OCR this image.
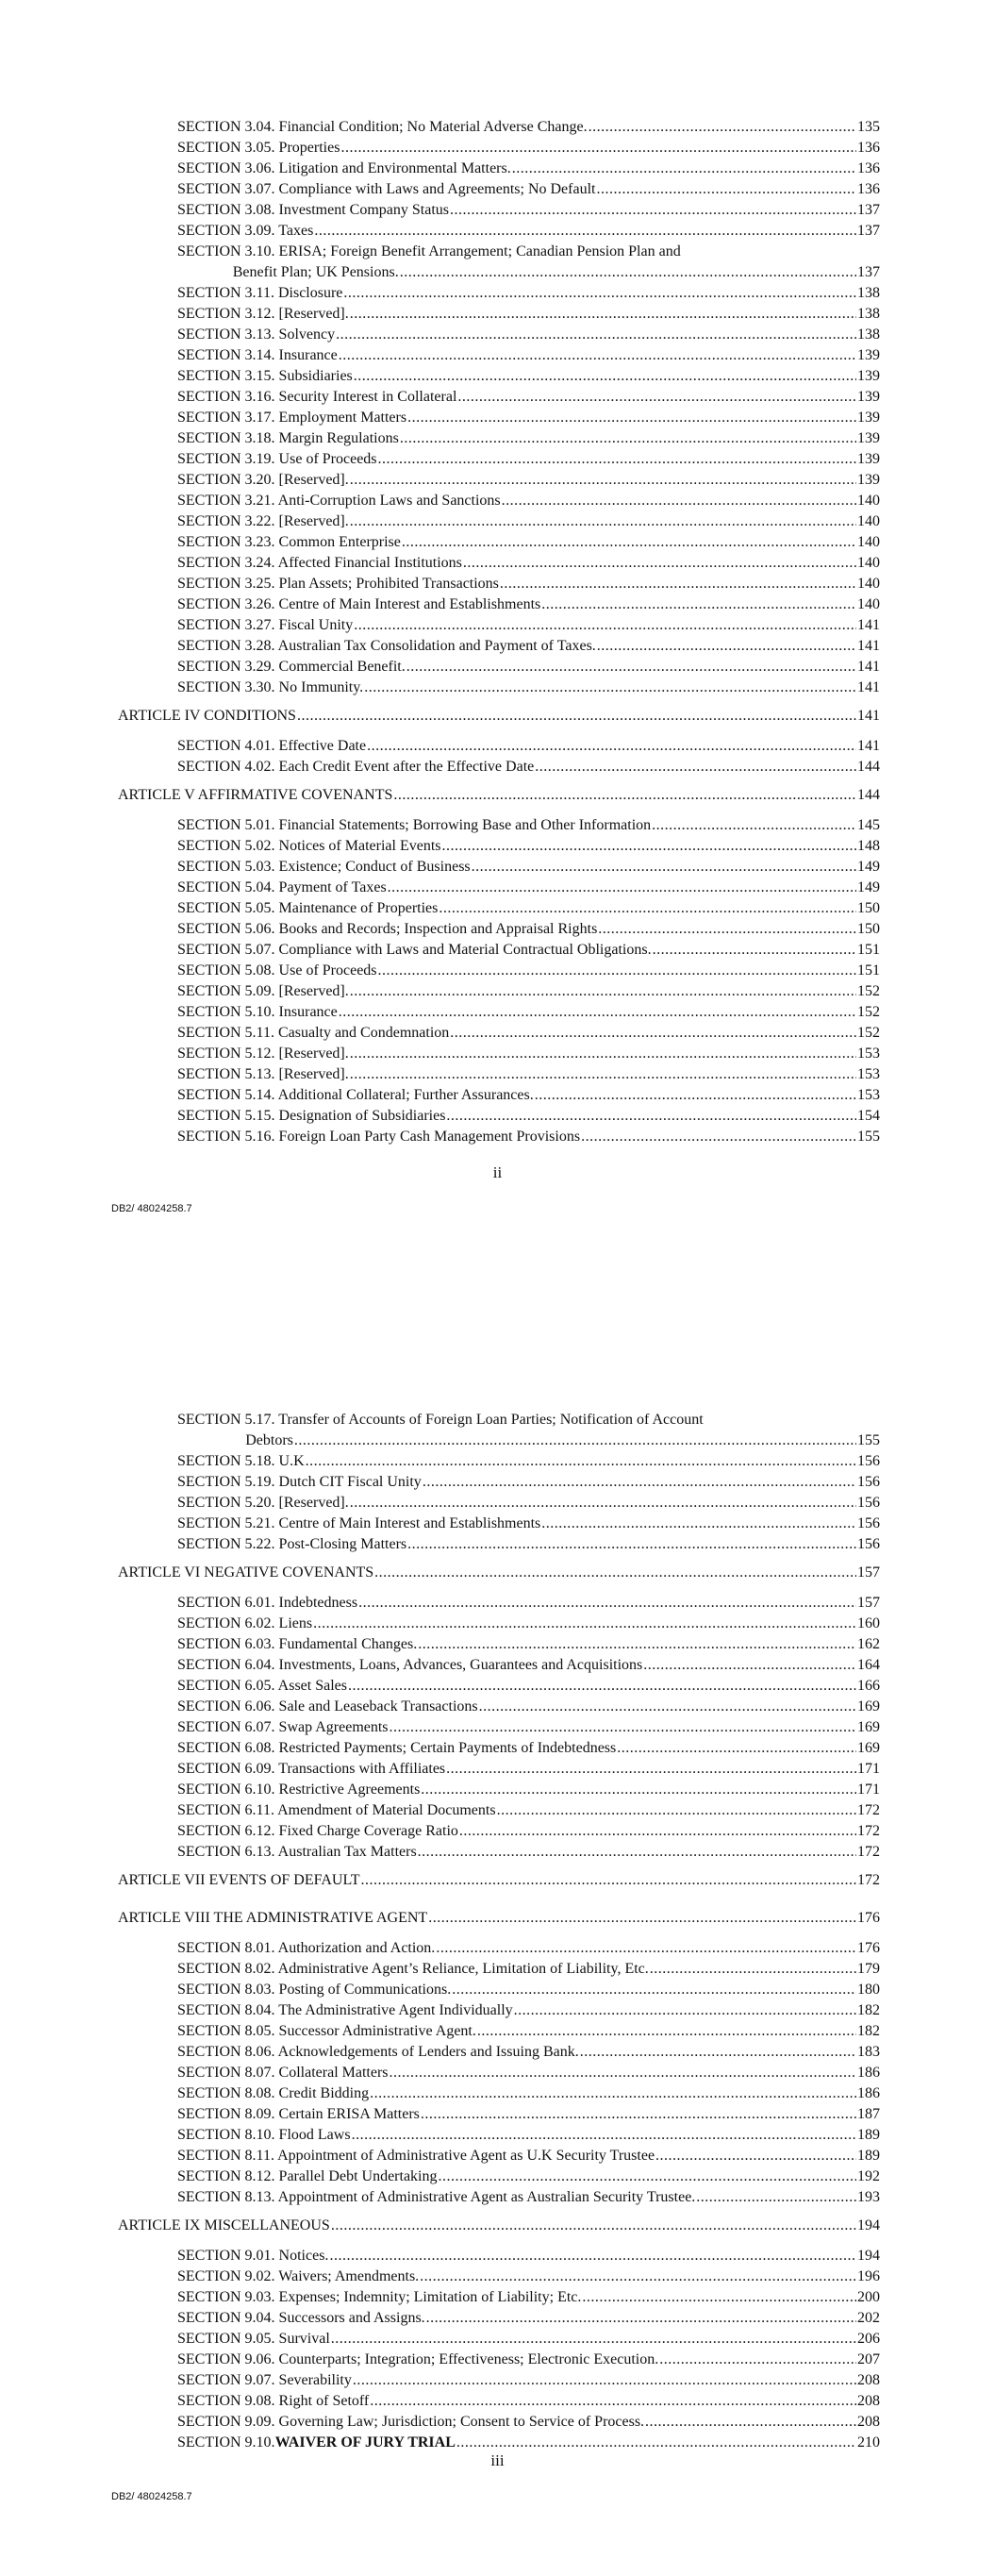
SECTION 3.04. Financial Condition; No Material Adverse Change. .....	135
SECTION 3.05. Properties .....	136
SECTION 3.06. Litigation and Environmental Matters. .....	136
SECTION 3.07. Compliance with Laws and Agreements; No Default .....	136
SECTION 3.08. Investment Company Status .....	137
SECTION 3.09. Taxes .....	137
SECTION 3.10. ERISA; Foreign Benefit Arrangement; Canadian Pension Plan and
Benefit Plan; UK Pensions. .....	137
SECTION 3.11. Disclosure .....	138
SECTION 3.12. [Reserved]. .....	138
SECTION 3.13. Solvency .....	138
SECTION 3.14. Insurance .....	139
SECTION 3.15. Subsidiaries .....	139
SECTION 3.16. Security Interest in Collateral .....	139
SECTION 3.17. Employment Matters .....	139
SECTION 3.18. Margin Regulations .....	139
SECTION 3.19. Use of Proceeds .....	139
SECTION 3.20. [Reserved]. .....	139
SECTION 3.21. Anti-Corruption Laws and Sanctions .....	140
SECTION 3.22. [Reserved]. .....	140
SECTION 3.23. Common Enterprise .....	140
SECTION 3.24. Affected Financial Institutions .....	140
SECTION 3.25. Plan Assets; Prohibited Transactions .....	140
SECTION 3.26. Centre of Main Interest and Establishments .....	140
SECTION 3.27. Fiscal Unity .....	141
SECTION 3.28. Australian Tax Consolidation and Payment of Taxes. .....	141
SECTION 3.29. Commercial Benefit. .....	141
SECTION 3.30. No Immunity. .....	141
ARTICLE IV CONDITIONS .....	141
SECTION 4.01. Effective Date .....	141
SECTION 4.02. Each Credit Event after the Effective Date .....	144
ARTICLE V AFFIRMATIVE COVENANTS .....	144
SECTION 5.01. Financial Statements; Borrowing Base and Other Information .....	145
SECTION 5.02. Notices of Material Events .....	148
SECTION 5.03. Existence; Conduct of Business .....	149
SECTION 5.04. Payment of Taxes .....	149
SECTION 5.05. Maintenance of Properties .....	150
SECTION 5.06. Books and Records; Inspection and Appraisal Rights .....	150
SECTION 5.07. Compliance with Laws and Material Contractual Obligations. .....	151
SECTION 5.08. Use of Proceeds .....	151
SECTION 5.09. [Reserved]. .....	152
SECTION 5.10. Insurance .....	152
SECTION 5.11. Casualty and Condemnation .....	152
SECTION 5.12. [Reserved]. .....	153
SECTION 5.13. [Reserved]. .....	153
SECTION 5.14. Additional Collateral; Further Assurances. .....	153
SECTION 5.15. Designation of Subsidiaries .....	154
SECTION 5.16. Foreign Loan Party Cash Management Provisions .....	155
ii
DB2/ 48024258.7
SECTION 5.17. Transfer of Accounts of Foreign Loan Parties; Notification of Account
Debtors .....	155
SECTION 5.18. U.K .....	156
SECTION 5.19. Dutch CIT Fiscal Unity .....	156
SECTION 5.20. [Reserved]. .....	156
SECTION 5.21. Centre of Main Interest and Establishments .....	156
SECTION 5.22. Post-Closing Matters .....	156
ARTICLE VI NEGATIVE COVENANTS .....	157
SECTION 6.01. Indebtedness .....	157
SECTION 6.02. Liens .....	160
SECTION 6.03. Fundamental Changes. .....	162
SECTION 6.04. Investments, Loans, Advances, Guarantees and Acquisitions .....	164
SECTION 6.05. Asset Sales .....	166
SECTION 6.06. Sale and Leaseback Transactions .....	169
SECTION 6.07. Swap Agreements .....	169
SECTION 6.08. Restricted Payments; Certain Payments of Indebtedness .....	169
SECTION 6.09. Transactions with Affiliates .....	171
SECTION 6.10. Restrictive Agreements .....	171
SECTION 6.11. Amendment of Material Documents .....	172
SECTION 6.12. Fixed Charge Coverage Ratio .....	172
SECTION 6.13. Australian Tax Matters .....	172
ARTICLE VII EVENTS OF DEFAULT .....	172
ARTICLE VIII THE ADMINISTRATIVE AGENT .....	176
SECTION 8.01. Authorization and Action. .....	176
SECTION 8.02. Administrative Agent’s Reliance, Limitation of Liability, Etc. .....	179
SECTION 8.03. Posting of Communications. .....	180
SECTION 8.04. The Administrative Agent Individually .....	182
SECTION 8.05. Successor Administrative Agent. .....	182
SECTION 8.06. Acknowledgements of Lenders and Issuing Bank. .....	183
SECTION 8.07. Collateral Matters .....	186
SECTION 8.08. Credit Bidding .....	186
SECTION 8.09. Certain ERISA Matters .....	187
SECTION 8.10. Flood Laws .....	189
SECTION 8.11. Appointment of Administrative Agent as U.K Security Trustee .....	189
SECTION 8.12. Parallel Debt Undertaking .....	192
SECTION 8.13. Appointment of Administrative Agent as Australian Security Trustee. .....	193
ARTICLE IX MISCELLANEOUS .....	194
SECTION 9.01. Notices. .....	194
SECTION 9.02. Waivers; Amendments. .....	196
SECTION 9.03. Expenses; Indemnity; Limitation of Liability; Etc. .....	200
SECTION 9.04. Successors and Assigns. .....	202
SECTION 9.05. Survival .....	206
SECTION 9.06. Counterparts; Integration; Effectiveness; Electronic Execution. .....	207
SECTION 9.07. Severability .....	208
SECTION 9.08. Right of Setoff .....	208
SECTION 9.09. Governing Law; Jurisdiction; Consent to Service of Process. .....	208
SECTION 9.10. WAIVER OF JURY TRIAL .....	210
iii
DB2/ 48024258.7
